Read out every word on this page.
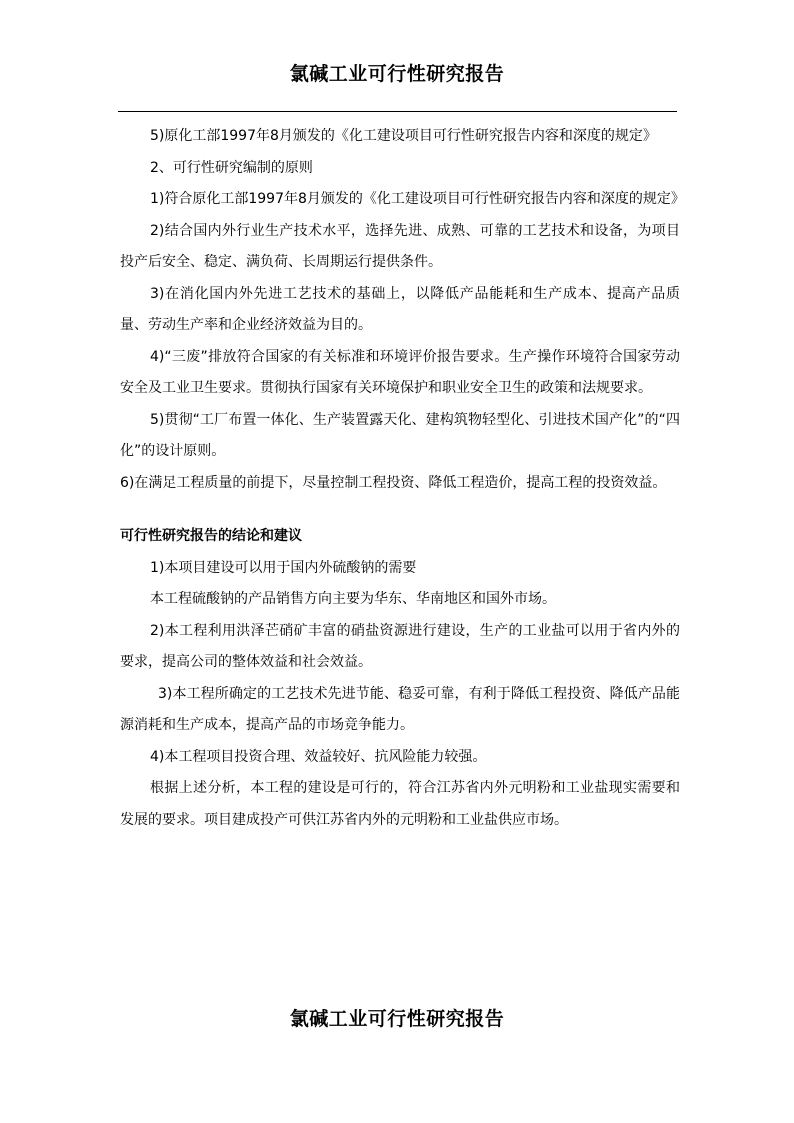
氯碱工业可行性研究报告

5)原化工部1997年8月颁发的《化工建设项目可行性研究报告内容和深度的规定》

2、可行性研究编制的原则

1)符合原化工部1997年8月颁发的《化工建设项目可行性研究报告内容和深度的规定》

2)结合国内外行业生产技术水平，选择先进、成熟、可靠的工艺技术和设备，为项目投产后安全、稳定、满负荷、长周期运行提供条件。

3)在消化国内外先进工艺技术的基础上，以降低产品能耗和生产成本、提高产品质量、劳动生产率和企业经济效益为目的。

4)“三废”排放符合国家的有关标准和环境评价报告要求。生产操作环境符合国家劳动安全及工业卫生要求。贯彻执行国家有关环境保护和职业安全卫生的政策和法规要求。

5)贯彻“工厂布置一体化、生产装置露天化、建构筑物轻型化、引进技术国产化”的“四化”的设计原则。

6)在满足工程质量的前提下，尽量控制工程投资、降低工程造价，提高工程的投资效益。

可行性研究报告的结论和建议

1)本项目建设可以用于国内外硫酸钠的需要

本工程硫酸钠的产品销售方向主要为华东、华南地区和国外市场。

2)本工程利用洪泽芒硝矿丰富的硝盐资源进行建设，生产的工业盐可以用于省内外的要求，提高公司的整体效益和社会效益。

3)本工程所确定的工艺技术先进节能、稳妥可靠，有利于降低工程投资、降低产品能源消耗和生产成本，提高产品的市场竞争能力。

4)本工程项目投资合理、效益较好、抗风险能力较强。

根据上述分析，本工程的建设是可行的，符合江苏省内外元明粉和工业盐现实需要和发展的要求。项目建成投产可供江苏省内外的元明粉和工业盐供应市场。

氯碱工业可行性研究报告
